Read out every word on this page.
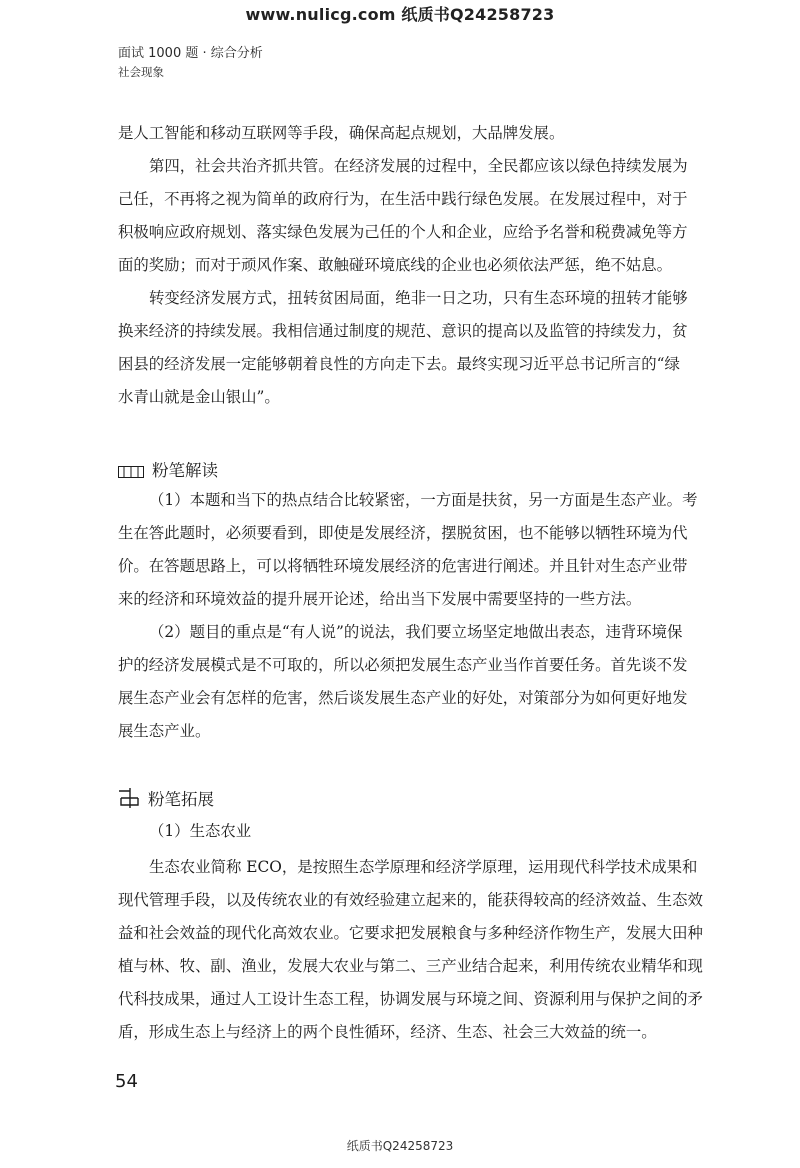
www.nulicg.com 纸质书Q24258723
面试 1000 题 · 综合分析
社会现象
是人工智能和移动互联网等手段，确保高起点规划，大品牌发展。
第四，社会共治齐抓共管。在经济发展的过程中，全民都应该以绿色持续发展为
己任，不再将之视为简单的政府行为，在生活中践行绿色发展。在发展过程中，对于
积极响应政府规划、落实绿色发展为己任的个人和企业，应给予名誉和税费减免等方
面的奖励；而对于顽风作案、敢触碰环境底线的企业也必须依法严惩，绝不姑息。
转变经济发展方式，扭转贫困局面，绝非一日之功，只有生态环境的扭转才能够
换来经济的持续发展。我相信通过制度的规范、意识的提高以及监管的持续发力，贫
困县的经济发展一定能够朝着良性的方向走下去。最终实现习近平总书记所言的“绿
水青山就是金山银山”。
粉笔解读
（1）本题和当下的热点结合比较紧密，一方面是扶贫，另一方面是生态产业。考
生在答此题时，必须要看到，即使是发展经济，摆脱贫困，也不能够以牺牲环境为代
价。在答题思路上，可以将牺牲环境发展经济的危害进行阐述。并且针对生态产业带
来的经济和环境效益的提升展开论述，给出当下发展中需要坚持的一些方法。
（2）题目的重点是“有人说”的说法，我们要立场坚定地做出表态，违背环境保
护的经济发展模式是不可取的，所以必须把发展生态产业当作首要任务。首先谈不发
展生态产业会有怎样的危害，然后谈发展生态产业的好处，对策部分为如何更好地发
展生态产业。
粉笔拓展
（1）生态农业
生态农业简称 ECO，是按照生态学原理和经济学原理，运用现代科学技术成果和
现代管理手段，以及传统农业的有效经验建立起来的，能获得较高的经济效益、生态效
益和社会效益的现代化高效农业。它要求把发展粮食与多种经济作物生产，发展大田种
植与林、牧、副、渔业，发展大农业与第二、三产业结合起来，利用传统农业精华和现
代科技成果，通过人工设计生态工程，协调发展与环境之间、资源利用与保护之间的矛
盾，形成生态上与经济上的两个良性循环，经济、生态、社会三大效益的统一。
54
纸质书Q24258723
